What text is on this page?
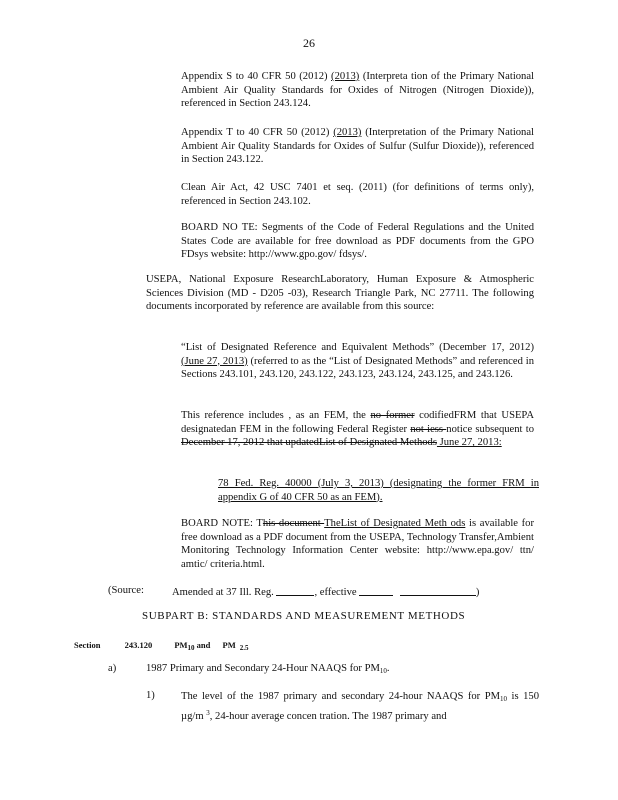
26
Appendix S to 40 CFR 50 (2012) (2013) (Interpreta tion of the Primary National Ambient Air Quality Standards for Oxides of Nitrogen (Nitrogen Dioxide)), referenced in Section 243.124.
Appendix T to 40 CFR 50 (2012) (2013) (Interpretation of the Primary National Ambient Air Quality Standards for Oxides of Sulfur (Sulfur Dioxide)), referenced in Section 243.122.
Clean Air Act, 42 USC 7401 et seq. (2011) (for definitions of terms only), referenced in Section 243.102.
BOARD NO TE: Segments of the Code of Federal Regulations and the United States Code are available for free download as PDF documents from the GPO FDsys website: http://www.gpo.gov/ fdsys/.
USEPA, National Exposure ResearchLaboratory, Human Exposure & Atmospheric Sciences Division (MD - D205 -03), Research Triangle Park, NC 27711. The following documents incorporated by reference are available from this source:
“List of Designated Reference and Equivalent Methods” (December 17, 2012) (June 27, 2013) (referred to as the “List of Designated Methods” and referenced in Sections 243.101, 243.120, 243.122, 243.123, 243.124, 243.125, and 243.126.
This reference includes , as an FEM, the no former codifiedFRM that USEPA designatedan FEM in the following Federal Register not iess notice subsequent to December 17, 2012 that updatedList of Designated Methods June 27, 2013:
78 Fed. Reg. 40000 (July 3, 2013) (designating the former FRM in appendix G of 40 CFR 50 as an FEM).
BOARD NOTE: This document TheList of Designated Meth ods is available for free download as a PDF document from the USEPA, Technology Transfer,Ambient Monitoring Technology Information Center website: http://www.epa.gov/ ttn/ amtic/ criteria.html.
(Source:	Amended at 37 Ill. Reg.	, effective	)
SUBPART B: STANDARDS AND MEASUREMENT METHODS
Section	243.120	$PM_{10}$ and PM $_{2.5}$
a)	1987 Primary and Secondary 24-Hour NAAQS for $PM_{10}$.
1) The level of the 1987 primary and secondary 24-hour NAAQS for $PM_{10}$ is 150 µg/m $^3$, 24-hour average concen tration. The 1987 primary and
